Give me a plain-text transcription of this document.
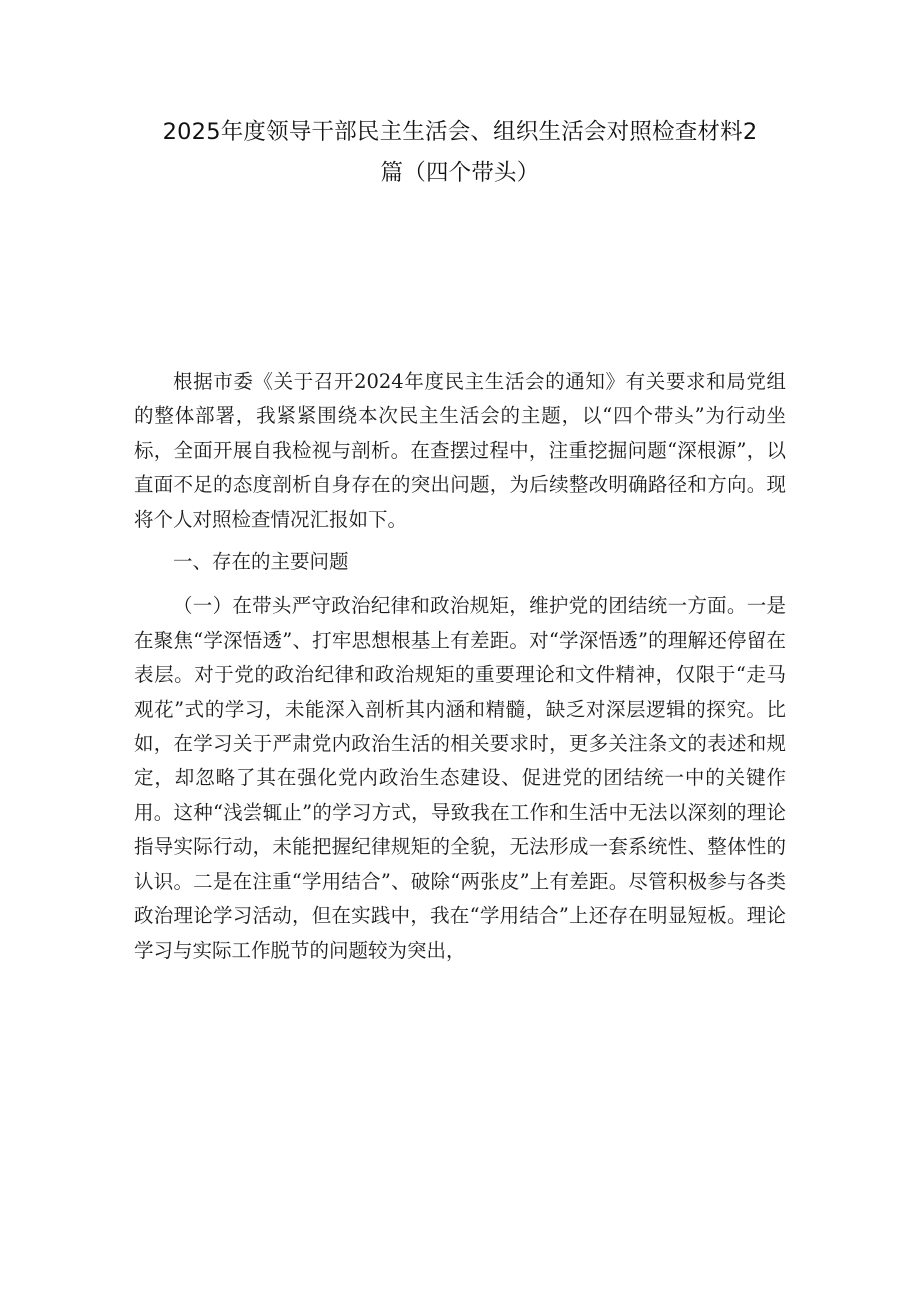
2025年度领导干部民主生活会、组织生活会对照检查材料2
篇（四个带头）

根据市委《关于召开2024年度民主生活会的通知》有关要求和局党组的整体部署，我紧紧围绕本次民主生活会的主题，以“四个带头”为行动坐标，全面开展自我检视与剖析。在查摆过程中，注重挖掘问题“深根源”，以直面不足的态度剖析自身存在的突出问题，为后续整改明确路径和方向。现将个人对照检查情况汇报如下。

一、存在的主要问题

（一）在带头严守政治纪律和政治规矩，维护党的团结统一方面。一是在聚焦“学深悟透”、打牢思想根基上有差距。对“学深悟透”的理解还停留在表层。对于党的政治纪律和政治规矩的重要理论和文件精神，仅限于“走马观花”式的学习，未能深入剖析其内涵和精髓，缺乏对深层逻辑的探究。比如，在学习关于严肃党内政治生活的相关要求时，更多关注条文的表述和规定，却忽略了其在强化党内政治生态建设、促进党的团结统一中的关键作用。这种“浅尝辄止”的学习方式，导致我在工作和生活中无法以深刻的理论指导实际行动，未能把握纪律规矩的全貌，无法形成一套系统性、整体性的认识。二是在注重“学用结合”、破除“两张皮”上有差距。尽管积极参与各类政治理论学习活动，但在实践中，我在“学用结合”上还存在明显短板。理论学习与实际工作脱节的问题较为突出，
